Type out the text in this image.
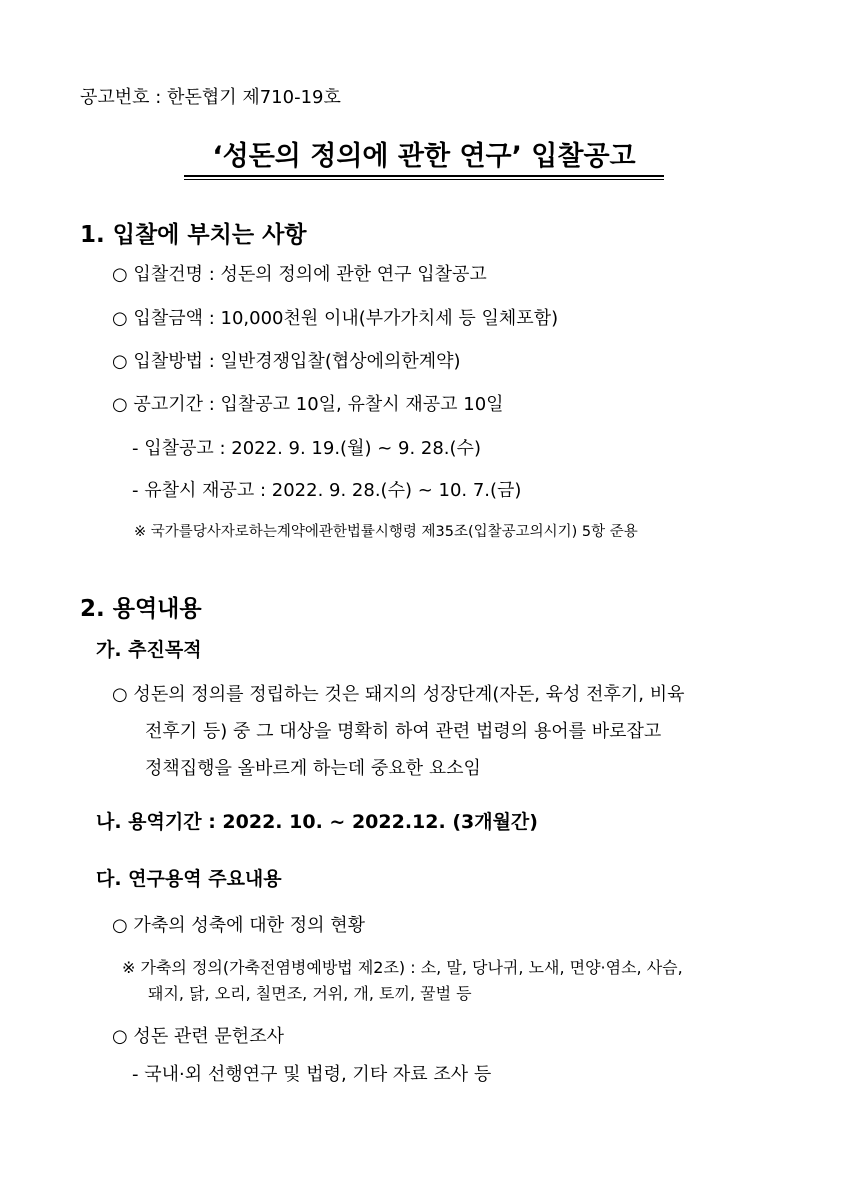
공고번호 : 한돈협기 제710-19호
‘성돈의 정의에 관한 연구’ 입찰공고
1. 입찰에 부치는 사항
○ 입찰건명 : 성돈의 정의에 관한 연구 입찰공고
○ 입찰금액 : 10,000천원 이내(부가가치세 등 일체포함)
○ 입찰방법 : 일반경쟁입찰(협상에의한계약)
○ 공고기간 : 입찰공고 10일, 유찰시 재공고 10일
- 입찰공고 : 2022. 9. 19.(월) ~ 9. 28.(수)
- 유찰시 재공고 : 2022. 9. 28.(수) ~ 10. 7.(금)
※ 국가를당사자로하는계약에관한법률시행령 제35조(입찰공고의시기) 5항 준용
2. 용역내용
가. 추진목적
○ 성돈의 정의를 정립하는 것은 돼지의 성장단계(자돈, 육성 전후기, 비육
전후기 등) 중 그 대상을 명확히 하여 관련 법령의 용어를 바로잡고
정책집행을 올바르게 하는데 중요한 요소임
나. 용역기간 : 2022. 10. ~ 2022.12. (3개월간)
다. 연구용역 주요내용
○ 가축의 성축에 대한 정의 현황
※ 가축의 정의(가축전염병예방법 제2조) : 소, 말, 당나귀, 노새, 면양·염소, 사슴,
돼지, 닭, 오리, 칠면조, 거위, 개, 토끼, 꿀벌 등
○ 성돈 관련 문헌조사
- 국내·외 선행연구 및 법령, 기타 자료 조사 등
